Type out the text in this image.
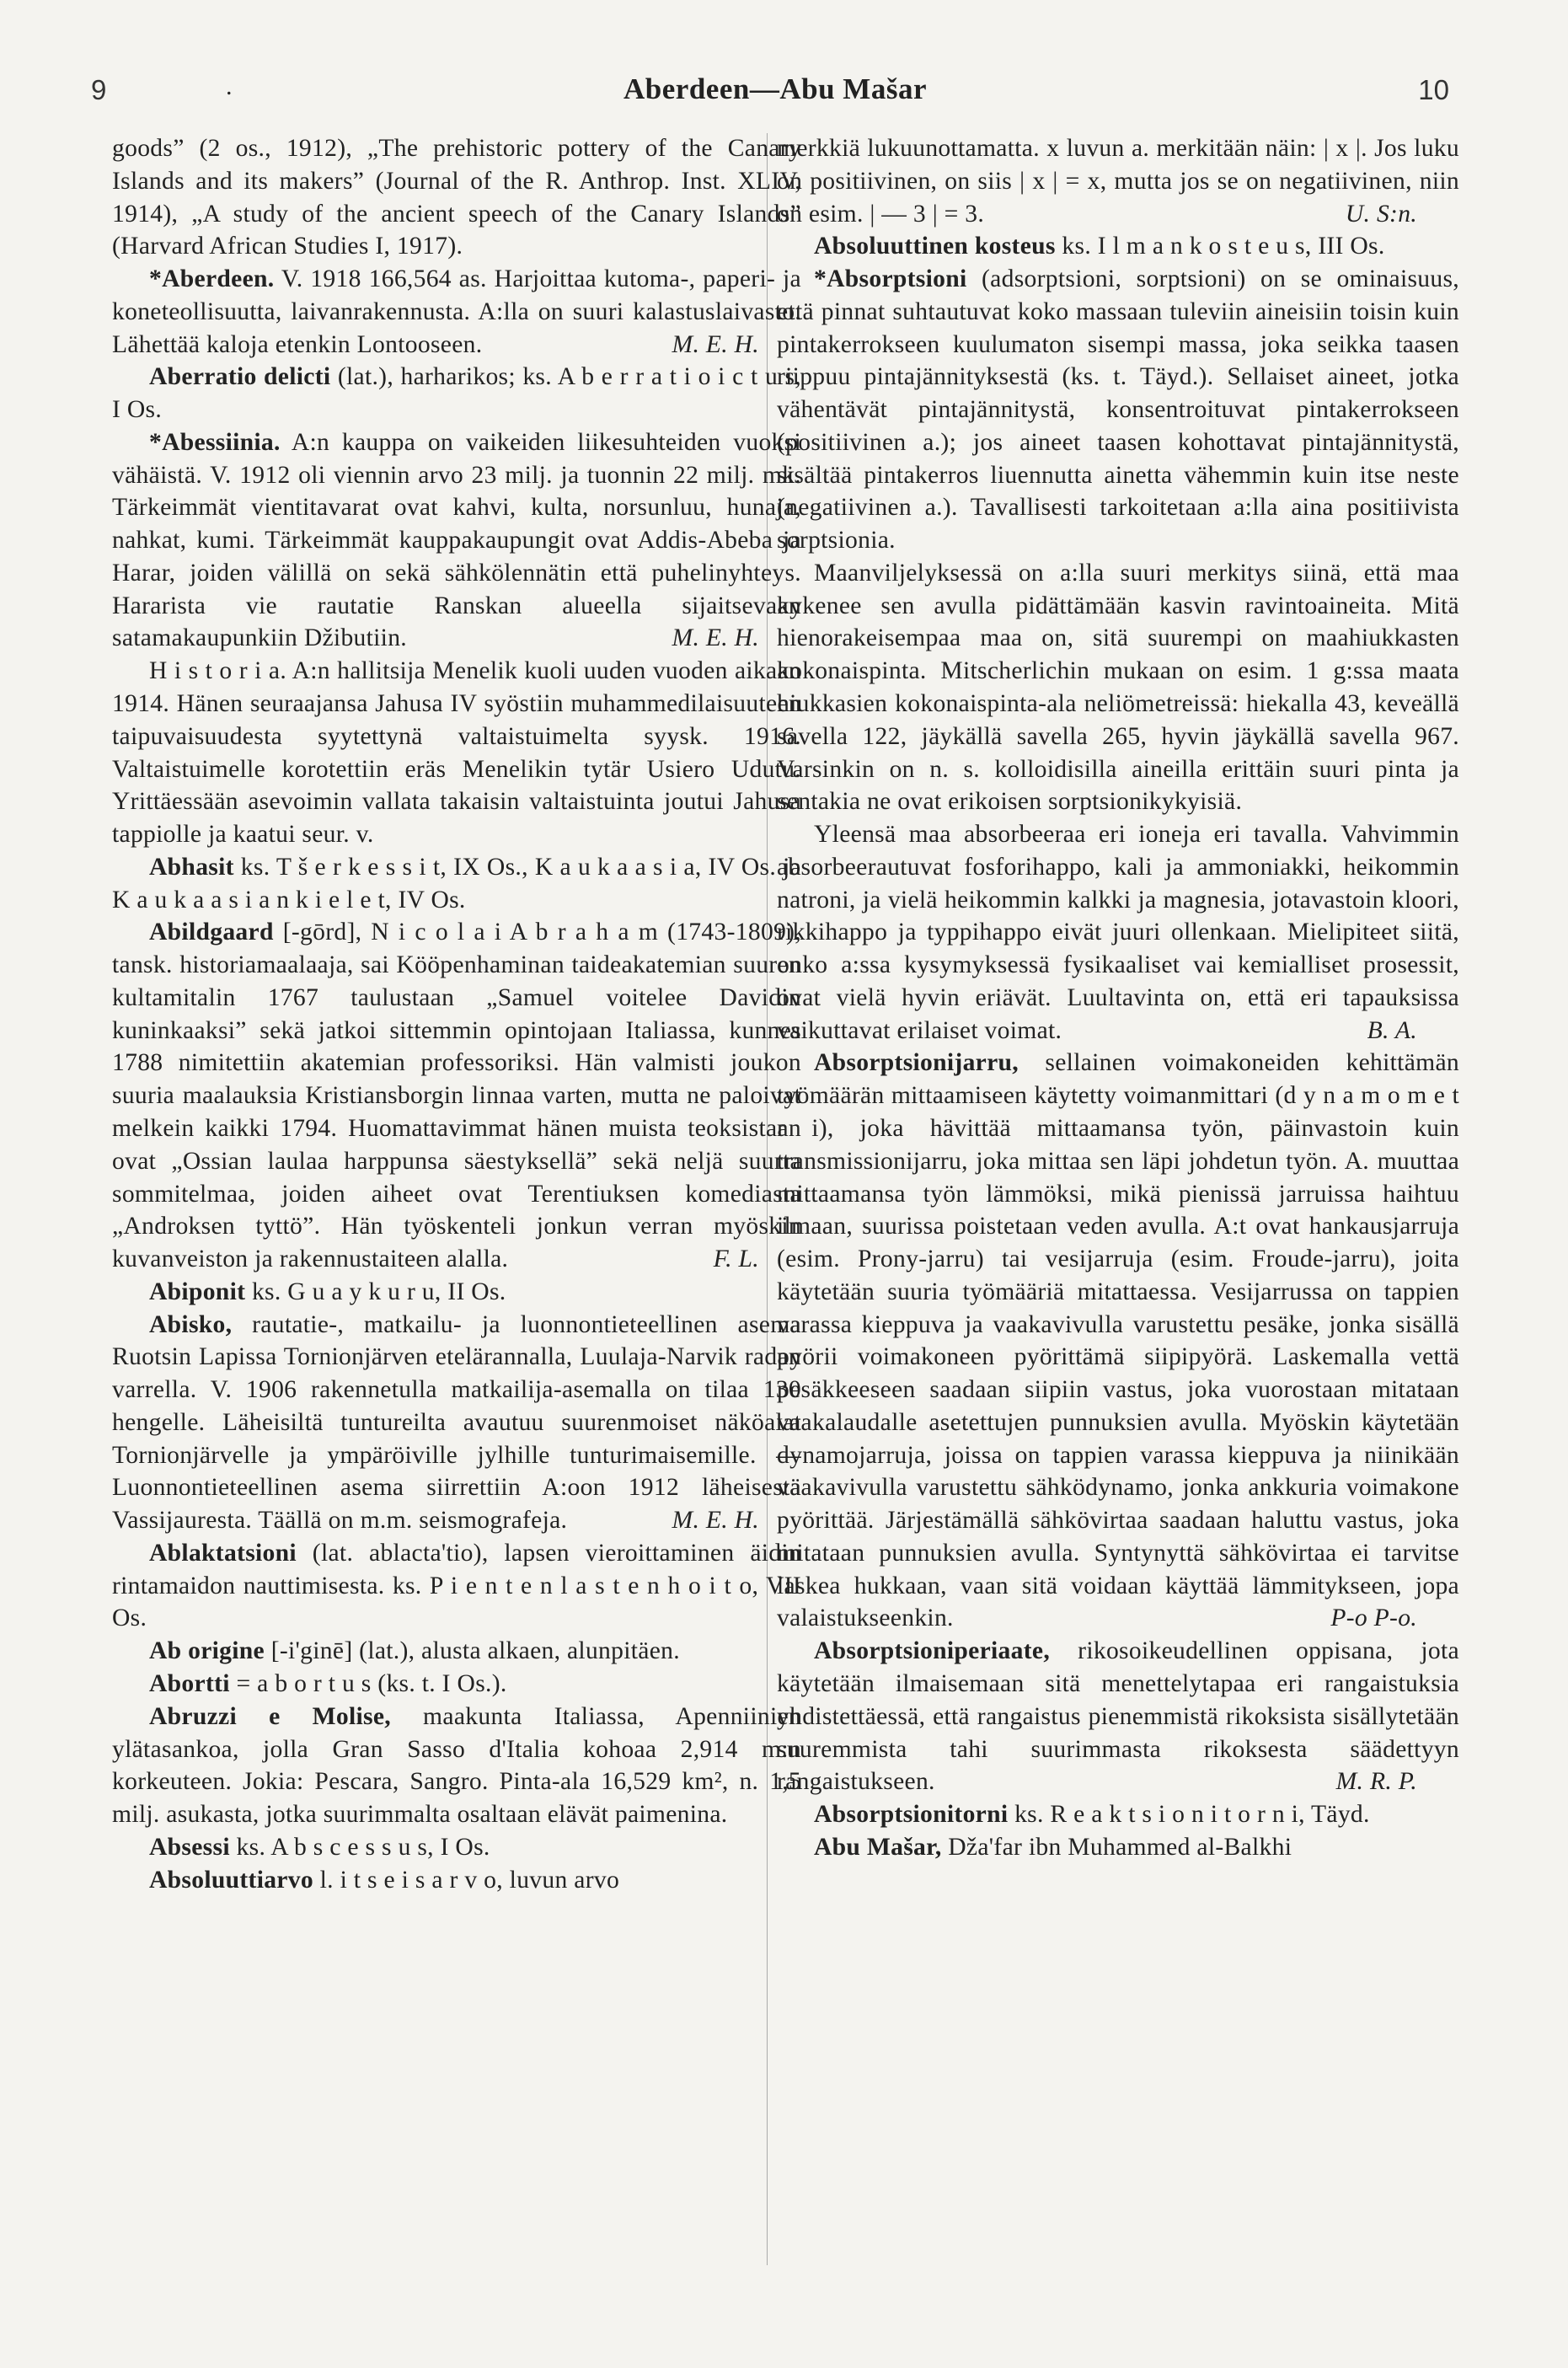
9	.	Aberdeen—Abu Mašar	10

goods” (2 os., 1912), „The prehistoric pottery of the Canary Islands and its makers” (Journal of the R. Anthrop. Inst. XLIV, 1914), „A study of the ancient speech of the Canary Islands” (Harvard African Studies I, 1917).

*Aberdeen. V. 1918 166,564 as. Harjoittaa kutoma-, paperi- ja koneteollisuutta, laivanrakennusta. A:lla on suuri kalastuslaivasto. Lähettää kaloja etenkin Lontooseen.	M. E. H.

Aberratio delicti (lat.), harharikos; ks. A b e r r a t i o i c t u s, I Os.

*Abessiinia. A:n kauppa on vaikeiden liikesuhteiden vuoksi vähäistä. V. 1912 oli viennin arvo 23 milj. ja tuonnin 22 milj. mk. Tärkeimmät vientitavarat ovat kahvi, kulta, norsunluu, hunaja, nahkat, kumi. Tärkeimmät kauppakaupungit ovat Addis-Abeba ja Harar, joiden välillä on sekä sähkölennätin että puhelinyhteys. Hararista vie rautatie Ranskan alueella sijaitsevaan satamakaupunkiin Džibutiin.	M. E. H.

H i s t o r i a. A:n hallitsija Menelik kuoli uuden vuoden aikaan 1914. Hänen seuraajansa Jahusa IV syöstiin muhammedilaisuuteen taipuvaisuudesta syytettynä valtaistuimelta syysk. 1916. Valtaistuimelle korotettiin eräs Menelikin tytär Usiero Udutu. Yrittäessään asevoimin vallata takaisin valtaistuinta joutui Jahusa tappiolle ja kaatui seur. v.

Abhasit ks. T š e r k e s s i t, IX Os., K a u k a a s i a, IV Os. ja K a u k a a s i a n k i e l e t, IV Os.

Abildgaard [-gōrd], N i c o l a i A b r a h a m (1743-1809), tansk. historiamaalaaja, sai Kööpenhaminan taideakatemian suuren kultamitalin 1767 taulustaan „Samuel voitelee Davidin kuninkaaksi” sekä jatkoi sittemmin opintojaan Italiassa, kunnes 1788 nimitettiin akatemian professoriksi. Hän valmisti joukon suuria maalauksia Kristiansborgin linnaa varten, mutta ne paloivat melkein kaikki 1794. Huomattavimmat hänen muista teoksistaan ovat „Ossian laulaa harppunsa säestyksellä” sekä neljä suurta sommitelmaa, joiden aiheet ovat Terentiuksen komediasta „Androksen tyttö”. Hän työskenteli jonkun verran myöskin kuvanveiston ja rakennustaiteen alalla.	F. L.

Abiponit ks. G u a y k u r u, II Os.

Abisko, rautatie-, matkailu- ja luonnontieteellinen asema Ruotsin Lapissa Tornionjärven etelärannalla, Luulaja-Narvik radan varrella. V. 1906 rakennetulla matkailija-asemalla on tilaa 130 hengelle. Läheisiltä tuntureilta avautuu suurenmoiset näköalat Tornionjärvelle ja ympäröiville jylhille tunturimaisemille. — Luonnontieteellinen asema siirrettiin A:oon 1912 läheisestä Vassijauresta. Täällä on m.m. seismografeja.	M. E. H.

Ablaktatsioni (lat. ablacta'tio), lapsen vieroittaminen äidin rintamaidon nauttimisesta. ks. P i e n t e n l a s t e n h o i t o, VII Os.

Ab origine [-i'ginē] (lat.), alusta alkaen, alunpitäen.

Abortti = a b o r t u s (ks. t. I Os.).

Abruzzi e Molise, maakunta Italiassa, Apenniinien ylätasankoa, jolla Gran Sasso d'Italia kohoaa 2,914 m:n korkeuteen. Jokia: Pescara, Sangro. Pinta-ala 16,529 km², n. 1,5 milj. asukasta, jotka suurimmalta osaltaan elävät paimenina.

Absessi ks. A b s c e s s u s, I Os.

Absoluuttiarvo l. i t s e i s a r v o, luvun arvo

merkkiä lukuunottamatta. x luvun a. merkitään näin: | x |. Jos luku on positiivinen, on siis | x | = x, mutta jos se on negatiivinen, niin on esim. | — 3 | = 3.	U. S:n.

Absoluuttinen kosteus ks. I l m a n k o s t e u s, III Os.

*Absorptsioni (adsorptsioni, sorptsioni) on se ominaisuus, että pinnat suhtautuvat koko massaan tuleviin aineisiin toisin kuin pintakerrokseen kuulumaton sisempi massa, joka seikka taasen riippuu pintajännityksestä (ks. t. Täyd.). Sellaiset aineet, jotka vähentävät pintajännitystä, konsentroituvat pintakerrokseen (positiivinen a.); jos aineet taasen kohottavat pintajännitystä, sisältää pintakerros liuennutta ainetta vähemmin kuin itse neste (negatiivinen a.). Tavallisesti tarkoitetaan a:lla aina positiivista sorptsionia.

Maanviljelyksessä on a:lla suuri merkitys siinä, että maa kykenee sen avulla pidättämään kasvin ravintoaineita. Mitä hienorakeisempaa maa on, sitä suurempi on maahiukkasten kokonaispinta. Mitscherlichin mukaan on esim. 1 g:ssa maata hiukkasien kokonaispinta-ala neliömetreissä: hiekalla 43, keveällä savella 122, jäykällä savella 265, hyvin jäykällä savella 967. Varsinkin on n. s. kolloidisilla aineilla erittäin suuri pinta ja sentakia ne ovat erikoisen sorptsionikykyisiä.

Yleensä maa absorbeeraa eri ioneja eri tavalla. Vahvimmin absorbeerautuvat fosforihappo, kali ja ammoniakki, heikommin natroni, ja vielä heikommin kalkki ja magnesia, jotavastoin kloori, rikkihappo ja typpihappo eivät juuri ollenkaan. Mielipiteet siitä, onko a:ssa kysymyksessä fysikaaliset vai kemialliset prosessit, ovat vielä hyvin eriävät. Luultavinta on, että eri tapauksissa vaikuttavat erilaiset voimat.	B. A.

Absorptsionijarru, sellainen voimakoneiden kehittämän työmäärän mittaamiseen käytetty voimanmittari (d y n a m o m e t r i), joka hävittää mittaamansa työn, päinvastoin kuin transmissionijarru, joka mittaa sen läpi johdetun työn. A. muuttaa mittaamansa työn lämmöksi, mikä pienissä jarruissa haihtuu ilmaan, suurissa poistetaan veden avulla. A:t ovat hankausjarruja (esim. Prony-jarru) tai vesijarruja (esim. Froude-jarru), joita käytetään suuria työmääriä mitattaessa. Vesijarrussa on tappien varassa kieppuva ja vaakavivulla varustettu pesäke, jonka sisällä pyörii voimakoneen pyörittämä siipipyörä. Laskemalla vettä pesäkkeeseen saadaan siipiin vastus, joka vuorostaan mitataan vaakalaudalle asetettujen punnuksien avulla. Myöskin käytetään dynamojarruja, joissa on tappien varassa kieppuva ja niinikään vaakavivulla varustettu sähködynamo, jonka ankkuria voimakone pyörittää. Järjestämällä sähkövirtaa saadaan haluttu vastus, joka mitataan punnuksien avulla. Syntynyttä sähkövirtaa ei tarvitse laskea hukkaan, vaan sitä voidaan käyttää lämmitykseen, jopa valaistukseenkin.	P-o P-o.

Absorptsioniperiaate, rikosoikeudellinen oppisana, jota käytetään ilmaisemaan sitä menettelytapaa eri rangaistuksia yhdistettäessä, että rangaistus pienemmistä rikoksista sisällytetään suuremmista tahi suurimmasta rikoksesta säädettyyn rangaistukseen.	M. R. P.

Absorptsionitorni ks. R e a k t s i o n i t o r n i, Täyd.

Abu Mašar, Dža'far ibn Muhammed al-Balkhi
